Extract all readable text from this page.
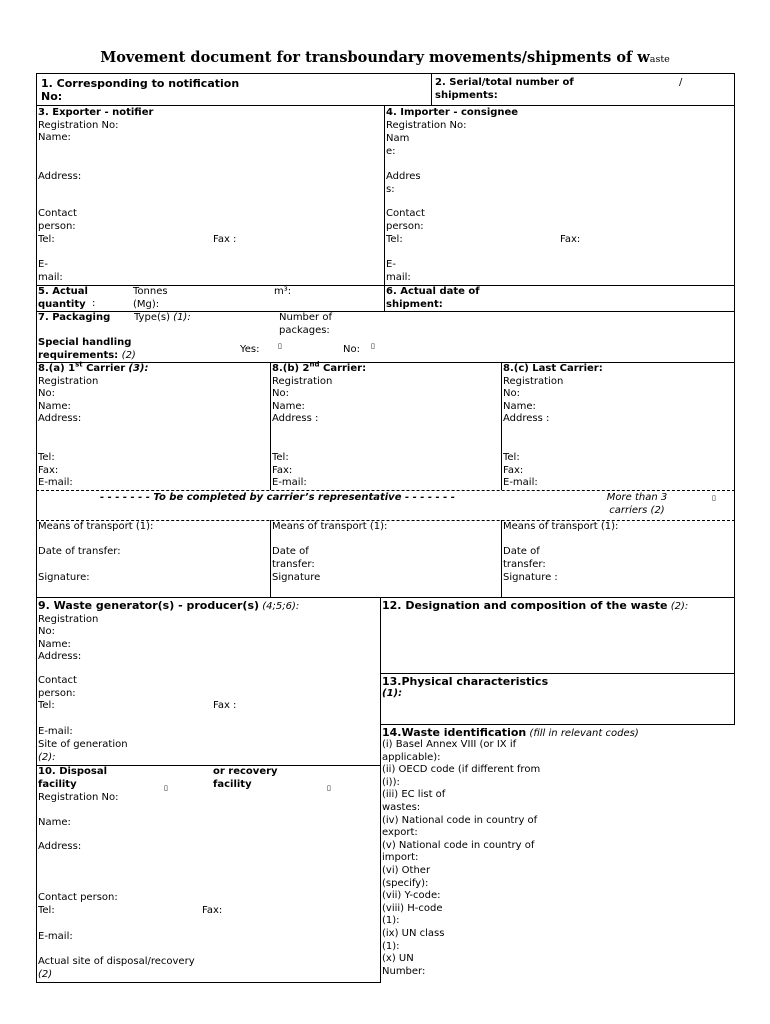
Movement document for transboundary movements/shipments of waste
1. Corresponding to notification No:
2. Serial/total number of shipments:
/
3. Exporter - notifier
Registration No:
Name:
Address:
Contact person:
Tel:	Fax :
E-mail:
4. Importer - consignee
Registration No:
Nam e:
Addres s:
Contact person:
Tel:	Fax:
E-mail:
5. Actual quantity :
Tonnes (Mg):
m³:	6. Actual date of shipment:
7. Packaging Type(s) (1):	Number of packages:
Special handling requirements: (2)
Yes:	▯	No: ▯
8.(a) 1st Carrier (3):
Registration No:
Name:
Address:
Tel:
Fax:
E-mail:
8.(b) 2nd Carrier:
Registration No:
Name:
Address :
Tel:
Fax:
E-mail:
8.(c) Last Carrier:
Registration No:
Name:
Address :
Tel:
Fax:
E-mail:
- - - - - - - To be completed by carrier’s representative - - - - - - -	More than 3 carriers (2)
▯
Means of transport (1):
Date of transfer:
Signature:
Means of transport (1):
Date of transfer:
Signature
Means of transport (1):
Date of transfer:
Signature :
9. Waste generator(s) - producer(s) (4;5;6):
Registration No:
Name:
Address:
Contact person:
Tel:	Fax :
E-mail:
Site of generation
(2):
10. Disposal facility	▯
or recovery facility	▯
Registration No:
Name:
Address:
Contact person:
Tel:	Fax:
E-mail:
Actual site of disposal/recovery
(2)
12. Designation and composition of the waste (2):
13.Physical characteristics
(1):
14.Waste identification (fill in relevant codes)
(i) Basel Annex VIII (or IX if applicable):
(ii) OECD code (if different from (i)):
(iii) EC list of wastes:
(iv) National code in country of export:
(v) National code in country of import:
(vi) Other (specify):
(vii) Y-code:
(viii) H-code (1):
(ix) UN class (1):
(x) UN Number:
